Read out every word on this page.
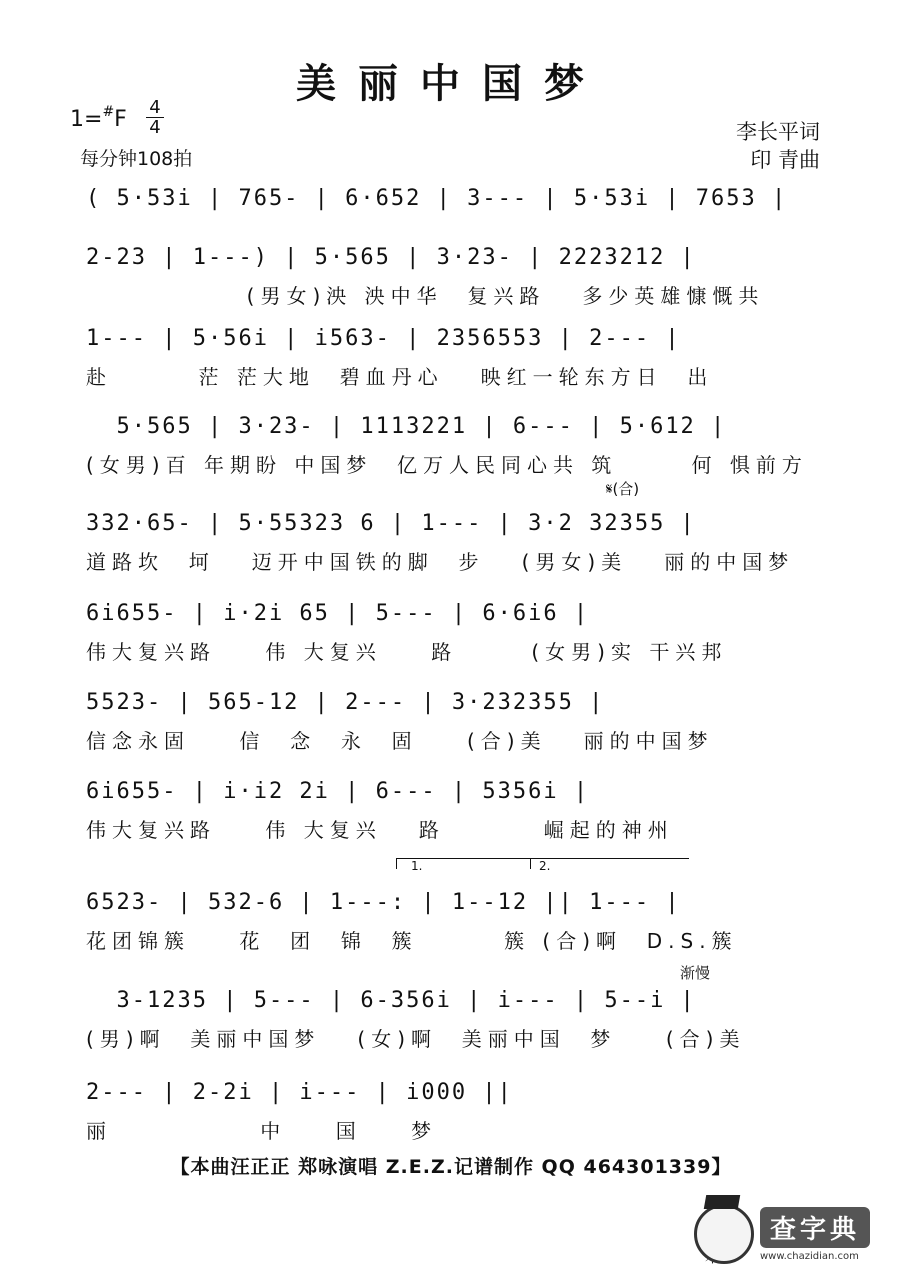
美丽中国梦
1=#F 4
4
每分钟108拍
李长平词
印 青曲
( 5·53i | 765- | 6·652 | 3--- | 5·53i | 7653 |
2-23 | 1---) | 5·565 | 3·23- | 2223212 |
(男女)泱 泱中华  复兴路   多少英雄慷慨共
1--- | 5·56i | i563- | 2356553 | 2--- |
赴       茫 茫大地  碧血丹心   映红一轮东方日  出
5·565 | 3·23- | 1113221 | 6--- | 5·612 |
(女男)百 年期盼 中国梦  亿万人民同心共 筑      何 惧前方
𝄋(合)
332·65- | 5·55323 6 | 1--- | 3·2 32355 |
道路坎  坷   迈开中国铁的脚  步   (男女)美   丽的中国梦
6i655- | i·2i 65 | 5--- | 6·6i6 |
伟大复兴路    伟 大复兴    路      (女男)实 干兴邦
5523- | 565-12 | 2--- | 3·232355 |
信念永固    信  念  永  固    (合)美   丽的中国梦
6i655- | i·i2 2i | 6--- | 5356i |
伟大复兴路    伟 大复兴   路        崛起的神州
1.	2.
6523- | 532-6 | 1---: | 1--12 || 1--- |
花团锦簇    花  团  锦  簇       簇 (合)啊  D.S.簇
渐慢
3-1235 | 5--- | 6-356i | i--- | 5--i |
(男)啊  美丽中国梦   (女)啊  美丽中国  梦    (合)美
2--- | 2-2i | i--- | i000 ||
丽            中    国    梦
【本曲汪正正 郑咏演唱 Z.E.Z.记谱制作 QQ 464301339】
查字典
www.chazidian.com
